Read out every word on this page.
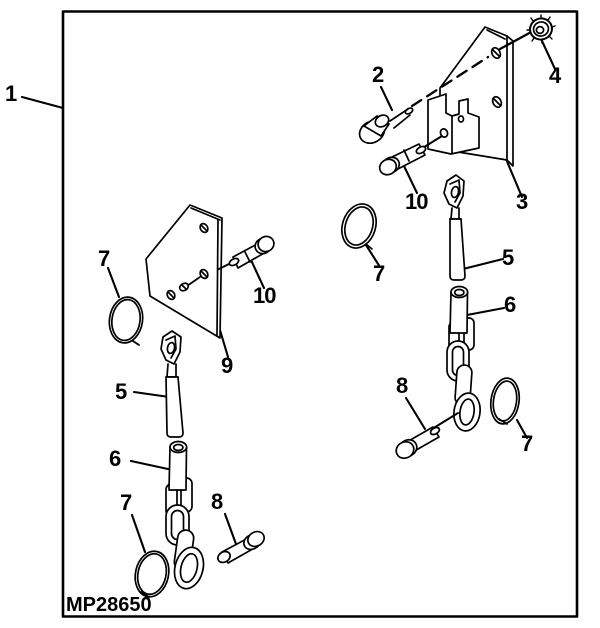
1
2
3
4
10
7
5
6
8
7
7
9
10
5
6
7	8
MP28650
